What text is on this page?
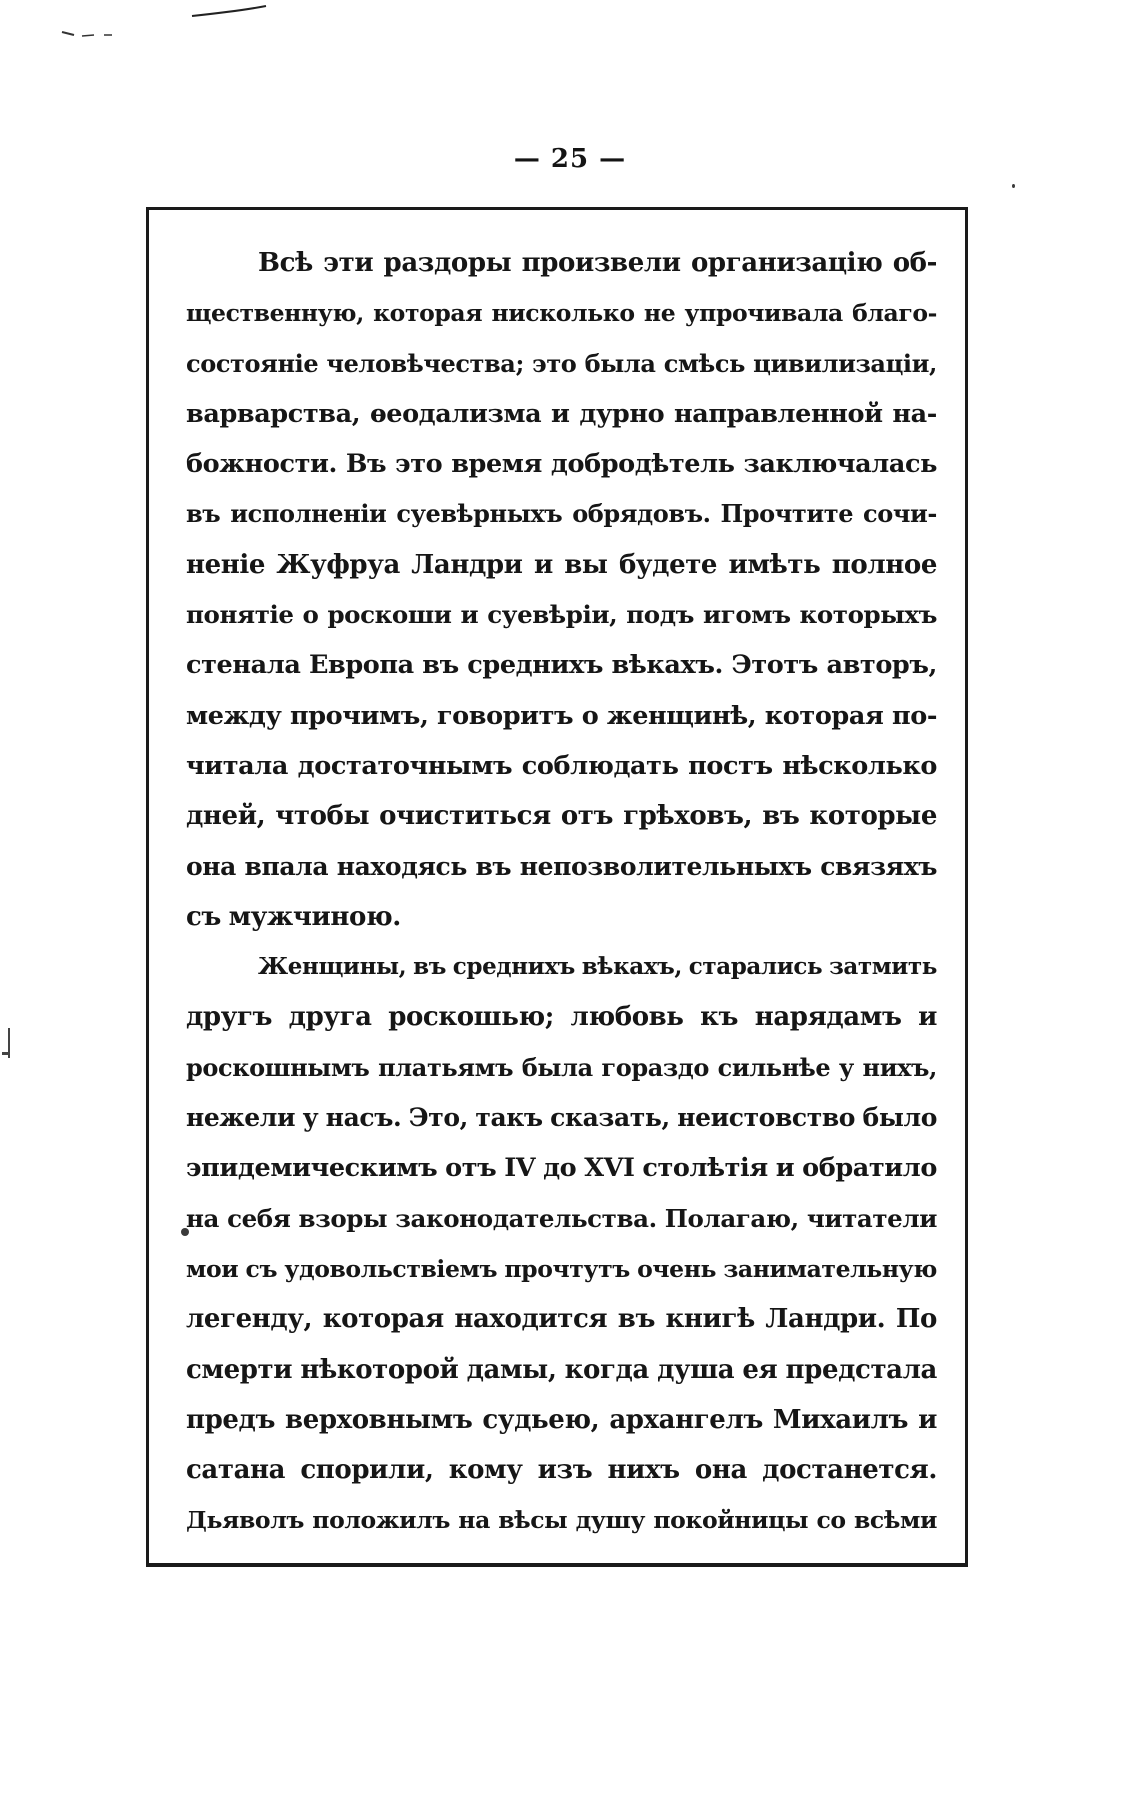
— 25 —
Всѣ эти раздоры произвели организацію об-
щественную, которая нисколько не упрочивала благо-
состояніе человѣчества; это была смѣсь цивилизаціи,
варварства, ѳеодализма и дурно направленной на-
божности. Въ это время добродѣтель заключалась
въ исполненіи суевѣрныхъ обрядовъ. Прочтите сочи-
неніе Жуфруа Ландри и вы будете имѣть полное
понятіе о роскоши и суевѣріи, подъ игомъ которыхъ
стенала Европа въ среднихъ вѣкахъ. Этотъ авторъ,
между прочимъ, говоритъ о женщинѣ, которая по-
читала достаточнымъ соблюдать постъ нѣсколько
дней, чтобы очиститься отъ грѣховъ, въ которые
она впала находясь въ непозволительныхъ связяхъ
съ мужчиною.
Женщины, въ среднихъ вѣкахъ, старались затмить
другъ друга роскошью; любовь къ нарядамъ и
роскошнымъ платьямъ была гораздо сильнѣе у нихъ,
нежели у насъ. Это, такъ сказать, неистовство было
эпидемическимъ отъ IV до XVI столѣтія и обратило
на себя взоры законодательства. Полагаю, читатели
мои съ удовольствіемъ прочтутъ очень занимательную
легенду, которая находится въ книгѣ Ландри. По
смерти нѣкоторой дамы, когда душа ея предстала
предъ верховнымъ судьею, архангелъ Михаилъ и
сатана спорили, кому изъ нихъ она достанется.
Дьяволъ положилъ на вѣсы душу покойницы со всѣми
